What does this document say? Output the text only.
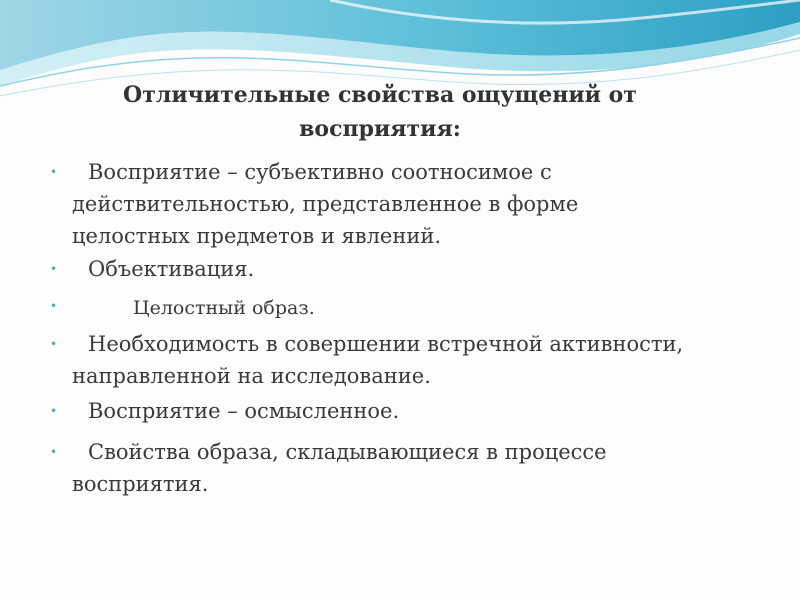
Отличительные свойства ощущений от
восприятия:
• Восприятие – субъективно соотносимое с
действительностью, представленное в форме
целостных предметов и явлений.
• Объективация.
•	Целостный образ.
• Необходимость в совершении встречной активности,
направленной на исследование.
• Восприятие – осмысленное.
• Свойства образа, складывающиеся в процессе
восприятия.
